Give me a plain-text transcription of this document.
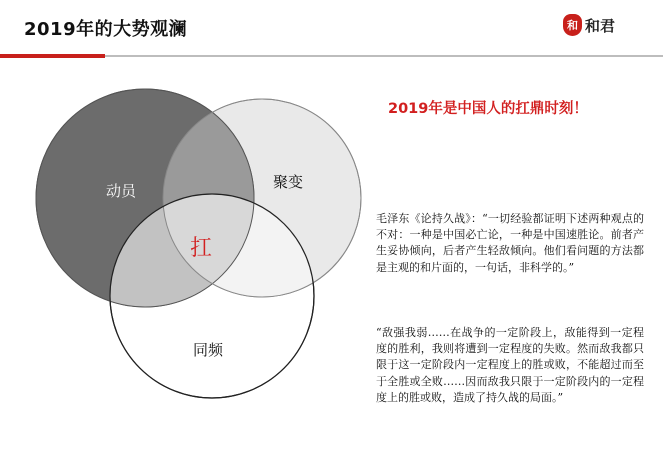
2019年的大势观澜	和 和君
动员	聚变
同频
扛
2019年是中国人的扛鼎时刻！

毛泽东《论持久战》：“一切经验都证明下述两种观点的不对：一种是中国必亡论，一种是中国速胜论。前者产生妥协倾向，后者产生轻敌倾向。他们看问题的方法都是主观的和片面的，一句话，非科学的。”

“敌强我弱……在战争的一定阶段上，敌能得到一定程度的胜利，我则将遭到一定程度的失败。然而敌我都只限于这一定阶段内一定程度上的胜或败，不能超过而至于全胜或全败……因而敌我只限于一定阶段内的一定程度上的胜或败，造成了持久战的局面。”
